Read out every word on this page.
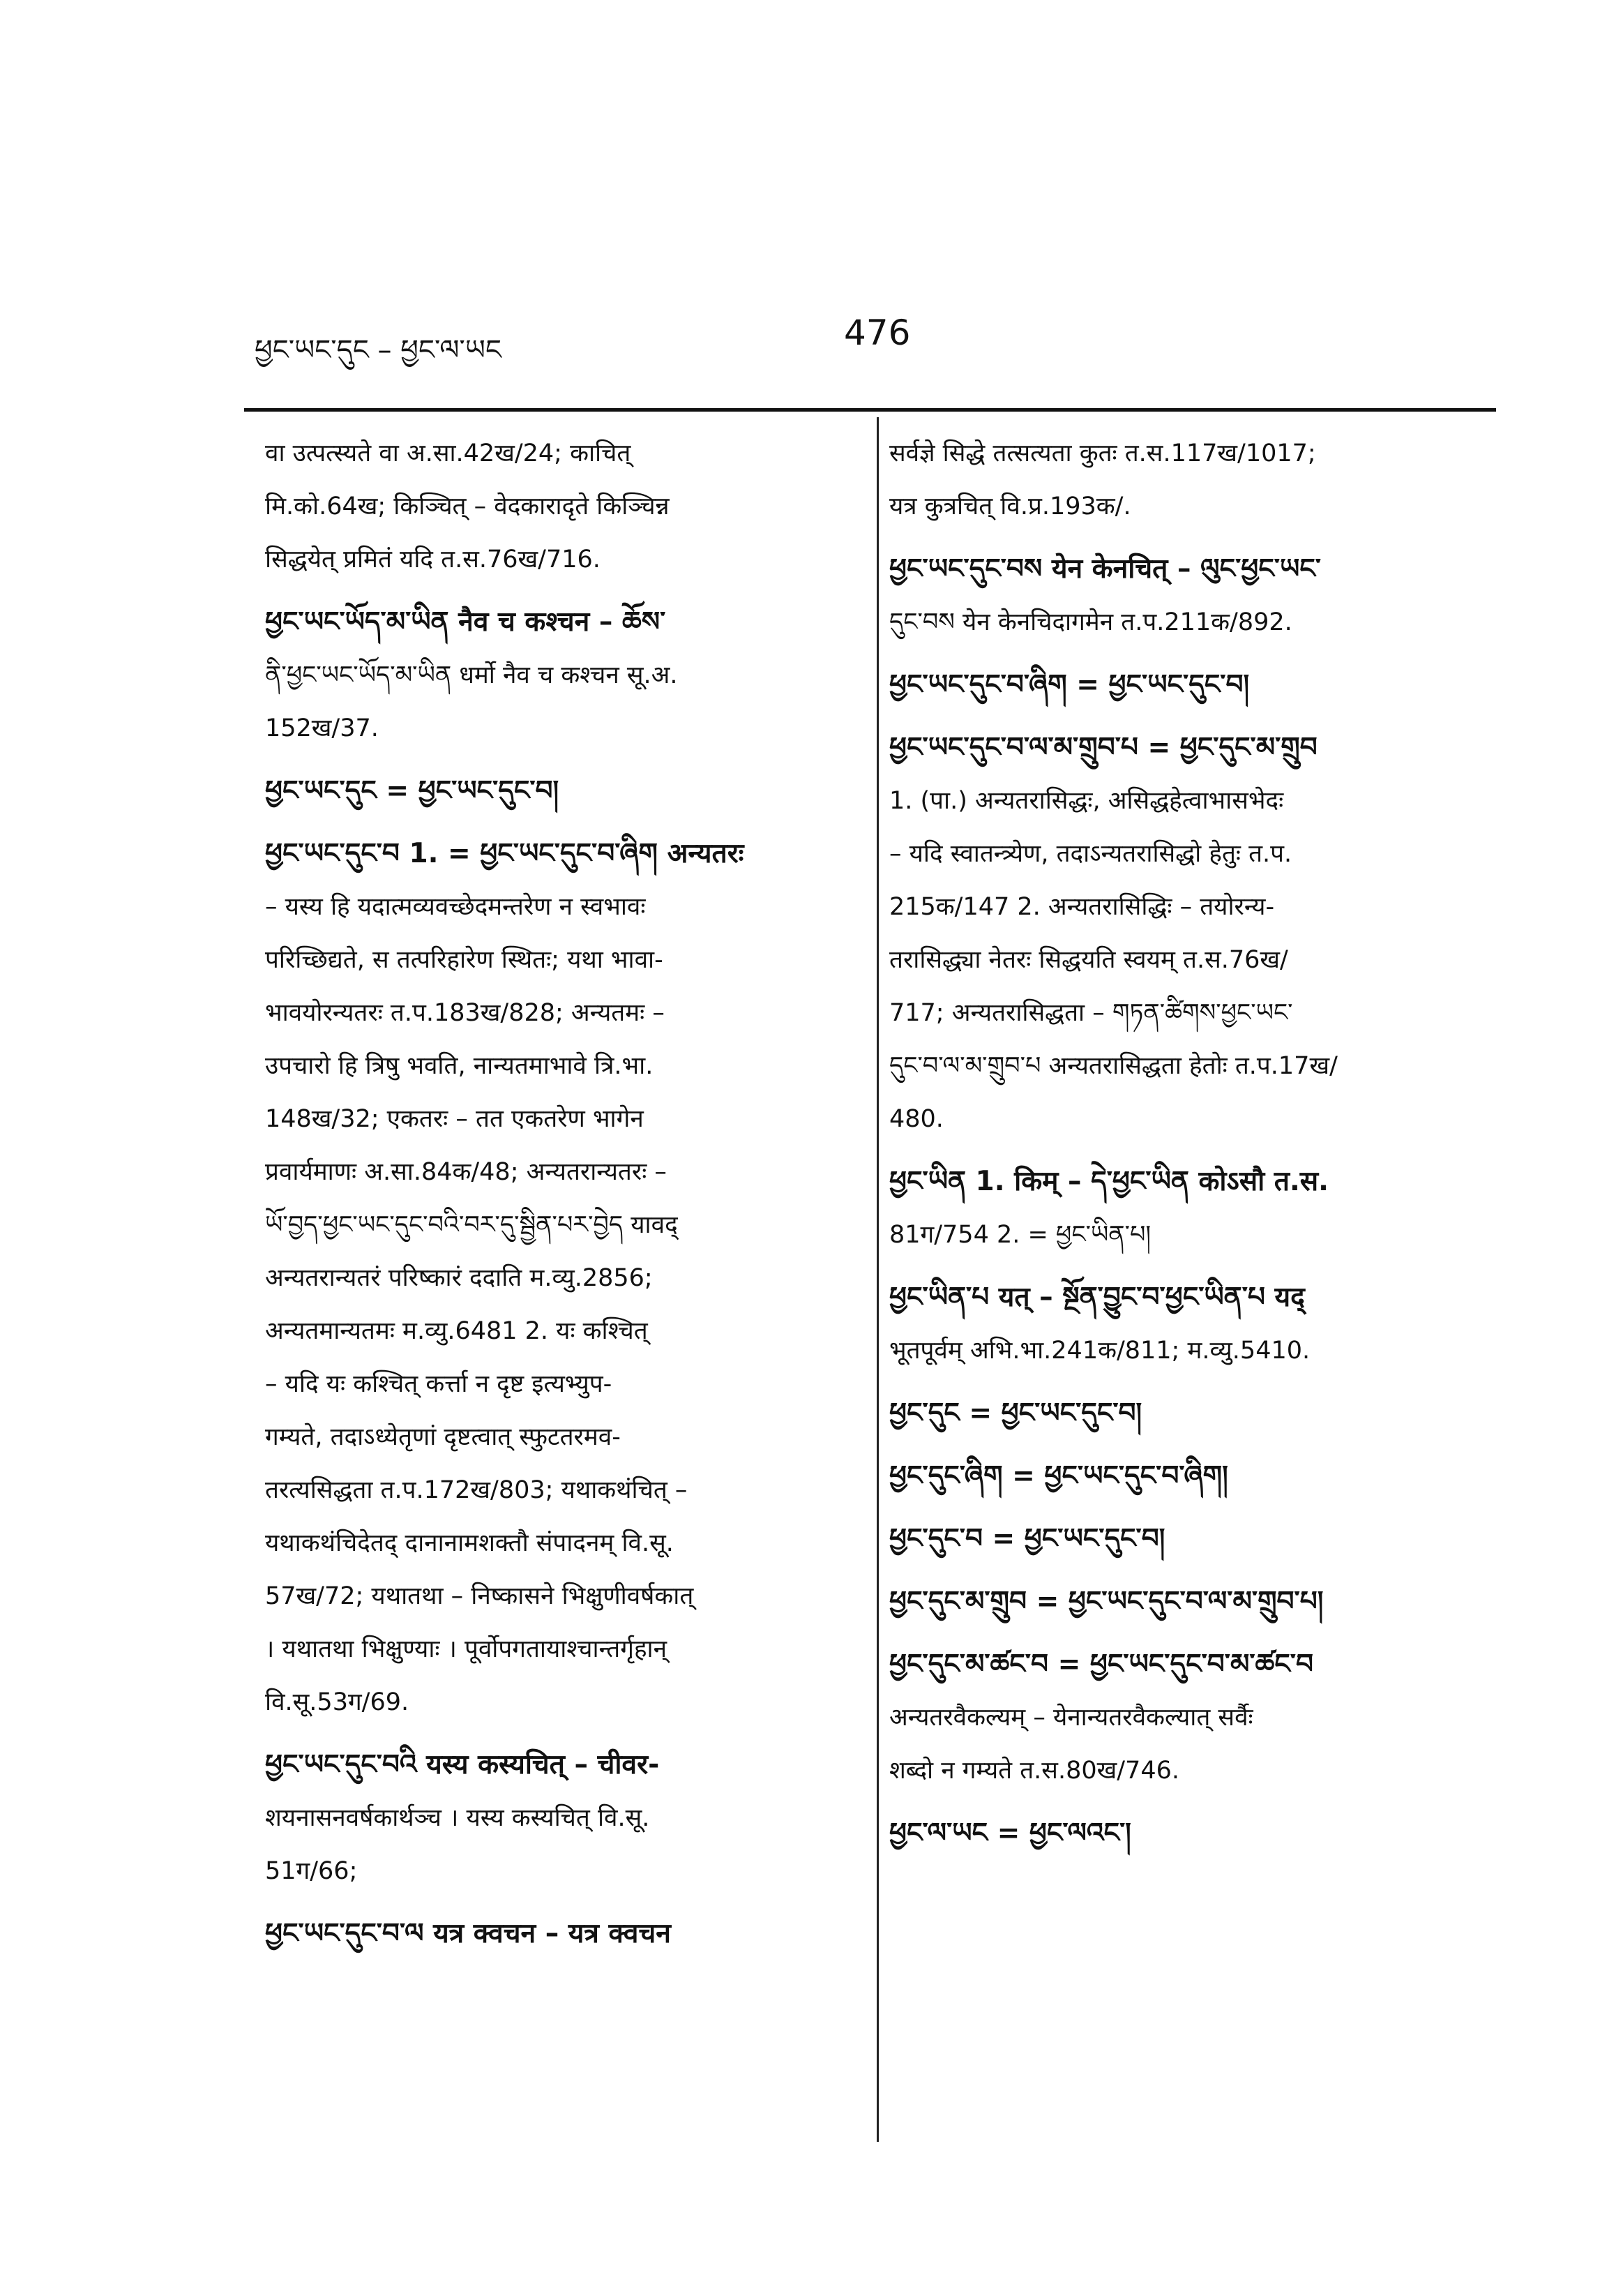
ཕྱང་ཡང་དུང – ཕྱང་ལ་ཡང	476
वा उत्पत्स्यते वा अ.सा.42ख/24; काचित्
मि.को.64ख; किञ्चित् – वेदकारादृते किञ्चिन्न
सिद्धयेत् प्रमितं यदि त.स.76ख/716.
ཕྱང་ཡང་ཡོད་མ་ཡིན नैव च कश्चन – ཆོས་
ནི་ཕྱང་ཡང་ཡོད་མ་ཡིན धर्मो नैव च कश्चन सू.अ.
152ख/37.
ཕྱང་ཡང་དུང = ཕྱང་ཡང་དུང་བ།
ཕྱང་ཡང་དུང་བ 1. = ཕྱང་ཡང་དུང་བ་ཞིག अन्यतरः
– यस्य हि यदात्मव्यवच्छेदमन्तरेण न स्वभावः
परिच्छिद्यते, स तत्परिहारेण स्थितः; यथा भावा-
भावयोरन्यतरः त.प.183ख/828; अन्यतमः –
उपचारो हि त्रिषु भवति, नान्यतमाभावे त्रि.भा.
148ख/32; एकतरः – तत एकतरेण भागेन
प्रवार्यमाणः अ.सा.84क/48; अन्यतरान्यतरः –
ཡོ་བྱད་ཕྱང་ཡང་དུང་བའི་བར་དུ་སྦྱིན་པར་བྱེད यावद्
अन्यतरान्यतरं परिष्कारं ददाति म.व्यु.2856;
अन्यतमान्यतमः म.व्यु.6481 2. यः कश्चित्
– यदि यः कश्चित् कर्त्ता न दृष्ट इत्यभ्युप-
गम्यते, तदाऽध्येतृणां दृष्टत्वात् स्फुटतरमव-
तरत्यसिद्धता त.प.172ख/803; यथाकथंचित् –
यथाकथंचिदेतद् दानानामशक्तौ संपादनम् वि.सू.
57ख/72; यथातथा – निष्कासने भिक्षुणीवर्षकात्
। यथातथा भिक्षुण्याः । पूर्वोपगतायाश्चान्तर्गृहान्
वि.सू.53ग/69.
ཕྱང་ཡང་དུང་བའི यस्य कस्यचित् – चीवर-
शयनासनवर्षकार्थञ्च । यस्य कस्यचित् वि.सू.
51ग/66;
ཕྱང་ཡང་དུང་བ་ལ यत्र क्वचन – यत्र क्वचन
सर्वज्ञे सिद्धे तत्सत्यता कुतः त.स.117ख/1017;
यत्र कुत्रचित् वि.प्र.193क/.
ཕྱང་ཡང་དུང་བས येन केनचित् – ལུང་ཕྱང་ཡང་
དུང་བས येन केनचिदागमेन त.प.211क/892.
ཕྱང་ཡང་དུང་བ་ཞིག = ཕྱང་ཡང་དུང་བ།
ཕྱང་ཡང་དུང་བ་ལ་མ་གྲུབ་པ = ཕྱང་དུང་མ་གྲུབ
1. (पा.) अन्यतरासिद्धः, असिद्धहेत्वाभासभेदः
– यदि स्वातन्त्र्येण, तदाऽन्यतरासिद्धो हेतुः त.प.
215क/147 2. अन्यतरासिद्धिः – तयोरन्य-
तरासिद्ध्या नेतरः सिद्धयति स्वयम् त.स.76ख/
717; अन्यतरासिद्धता – གཏན་ཚིགས་ཕྱང་ཡང་
དུང་བ་ལ་མ་གྲུབ་པ अन्यतरासिद्धता हेतोः त.प.17ख/
480.
ཕྱང་ཡིན 1. किम् – དེ་ཕྱང་ཡིན कोऽसौ त.स.
81ग/754 2. = ཕྱང་ཡིན་པ།
ཕྱང་ཡིན་པ यत् – སྔོན་བྱུང་བ་ཕྱང་ཡིན་པ यद्
भूतपूर्वम् अभि.भा.241क/811; म.व्यु.5410.
ཕྱང་དུང = ཕྱང་ཡང་དུང་བ།
ཕྱང་དུང་ཞིག = ཕྱང་ཡང་དུང་བ་ཞིག།
ཕྱང་དུང་བ = ཕྱང་ཡང་དུང་བ།
ཕྱང་དུང་མ་གྲུབ = ཕྱང་ཡང་དུང་བ་ལ་མ་གྲུབ་པ།
ཕྱང་དུང་མ་ཚང་བ = ཕྱང་ཡང་དུང་བ་མ་ཚང་བ
अन्यतरवैकल्यम् – येनान्यतरवैकल्यात् सर्वैः
शब्दो न गम्यते त.स.80ख/746.
ཕྱང་ལ་ཡང = ཕྱང་ལའང་།
